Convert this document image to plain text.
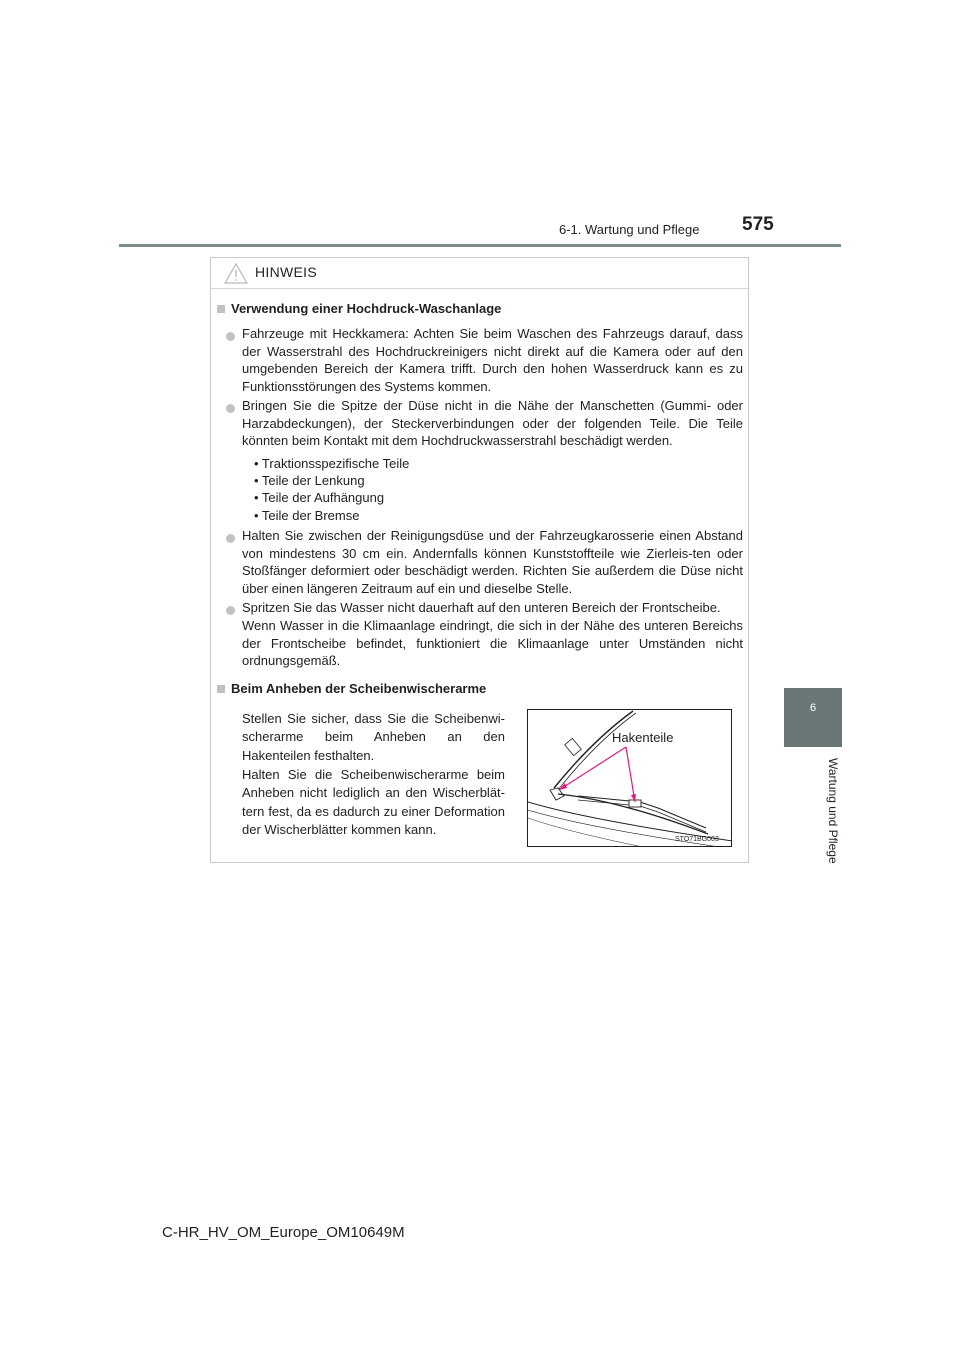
6-1. Wartung und Pflege 575
6
Wartung und Pflege
HINWEIS
Verwendung einer Hochdruck-Waschanlage
Fahrzeuge mit Heckkamera: Achten Sie beim Waschen des Fahrzeugs darauf, dass der Wasserstrahl des Hochdruckreinigers nicht direkt auf die Kamera oder auf den umgebenden Bereich der Kamera trifft. Durch den hohen Wasserdruck kann es zu Funktionsstörungen des Systems kommen.
Bringen Sie die Spitze der Düse nicht in die Nähe der Manschetten (Gummi- oder Harzabdeckungen), der Steckerverbindungen oder der folgenden Teile. Die Teile könnten beim Kontakt mit dem Hochdruckwasserstrahl beschädigt werden.
• Traktionsspezifische Teile
• Teile der Lenkung
• Teile der Aufhängung
• Teile der Bremse
Halten Sie zwischen der Reinigungsdüse und der Fahrzeugkarosserie einen Abstand von mindestens 30 cm ein. Andernfalls können Kunststoffteile wie Zierleis-ten oder Stoßfänger deformiert oder beschädigt werden. Richten Sie außerdem die Düse nicht über einen längeren Zeitraum auf ein und dieselbe Stelle.
Spritzen Sie das Wasser nicht dauerhaft auf den unteren Bereich der Frontscheibe.
Wenn Wasser in die Klimaanlage eindringt, die sich in der Nähe des unteren Bereichs der Frontscheibe befindet, funktioniert die Klimaanlage unter Umständen nicht ordnungsgemäß.
Beim Anheben der Scheibenwischerarme
Stellen Sie sicher, dass Sie die Scheibenwi-scherarme beim Anheben an den Hakenteilen festhalten.
Halten Sie die Scheibenwischerarme beim Anheben nicht lediglich an den Wischerblät-tern fest, da es dadurch zu einer Deformation der Wischerblätter kommen kann.
Hakenteile
STO71BG003
C-HR_HV_OM_Europe_OM10649M
